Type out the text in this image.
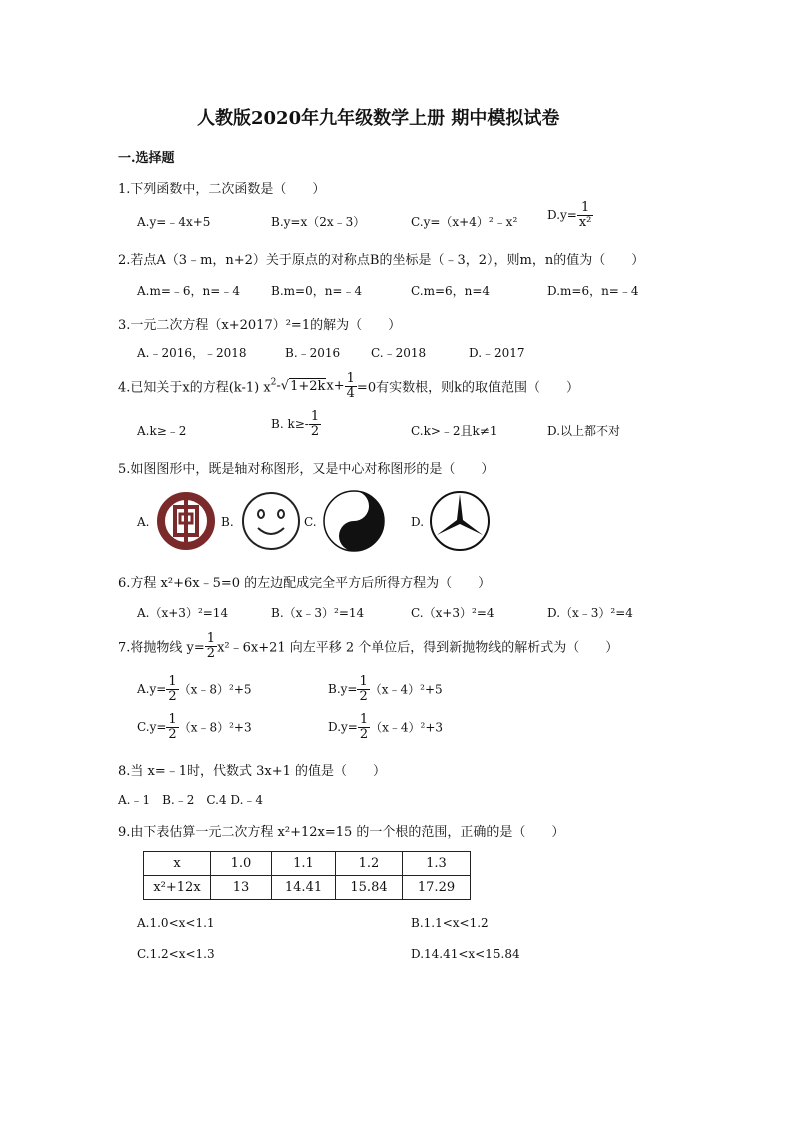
人教版2020年九年级数学上册 期中模拟试卷
一.选择题
1.下列函数中，二次函数是（　　）
A.y=﹣4x+5	B.y=x（2x﹣3）	C.y=（x+4）²﹣x² $D.y= \frac{1}{\text{x²}}$
2.若点A（3﹣m，n+2）关于原点的对称点B的坐标是（﹣3，2），则m，n的值为（　　）
A.m=﹣6，n=﹣4	B.m=0，n=﹣4	C.m=6，n=4	D.m=6，n=﹣4
3.一元二次方程（x+2017）²=1的解为（　　）
A.﹣2016，﹣2018	B.﹣2016	C.﹣2018	D.﹣2017
4.已知关于x的方程(k-1) $x^2-√1+2kx+ \frac{1}{4} =0$有实数根，则k的取值范围（　　）
A.k≥﹣2	B. $k\ge- \frac{1}{2}$	C.k>﹣2且k≠1	D.以上都不对
5.如图图形中，既是轴对称图形，又是中心对称图形的是（　　）
A.	B.	C.	D.
6.方程 x²+6x﹣5=0 的左边配成完全平方后所得方程为（　　）
A.（x+3）²=14	B.（x﹣3）²=14	C.（x+3）²=4	D.（x﹣3）²=4
7.将抛物线 $y= \frac{1}{2}$ x²﹣6x+21 向左平移 2 个单位后，得到新抛物线的解析式为（　　）
$A.y= \frac{1}{2}$ （x﹣8）²+5	$B.y= \frac{1}{2}$ （x﹣4）²+5
$C.y= \frac{1}{2}$ （x﹣8）²+3	$D.y= \frac{1}{2}$ （x﹣4）²+3
8.当 x=﹣1时，代数式 3x+1 的值是（　　）
A.﹣1　B.﹣2　C.4 D.﹣4
9.由下表估算一元二次方程 x²+12x=15 的一个根的范围，正确的是（　　）
x	1.0	1.1	1.2	1.3
x²+12x	13	14.41	15.84	17.29
A.1.0<x<1.1	B.1.1<x<1.2
C.1.2<x<1.3	D.14.41<x<15.84
